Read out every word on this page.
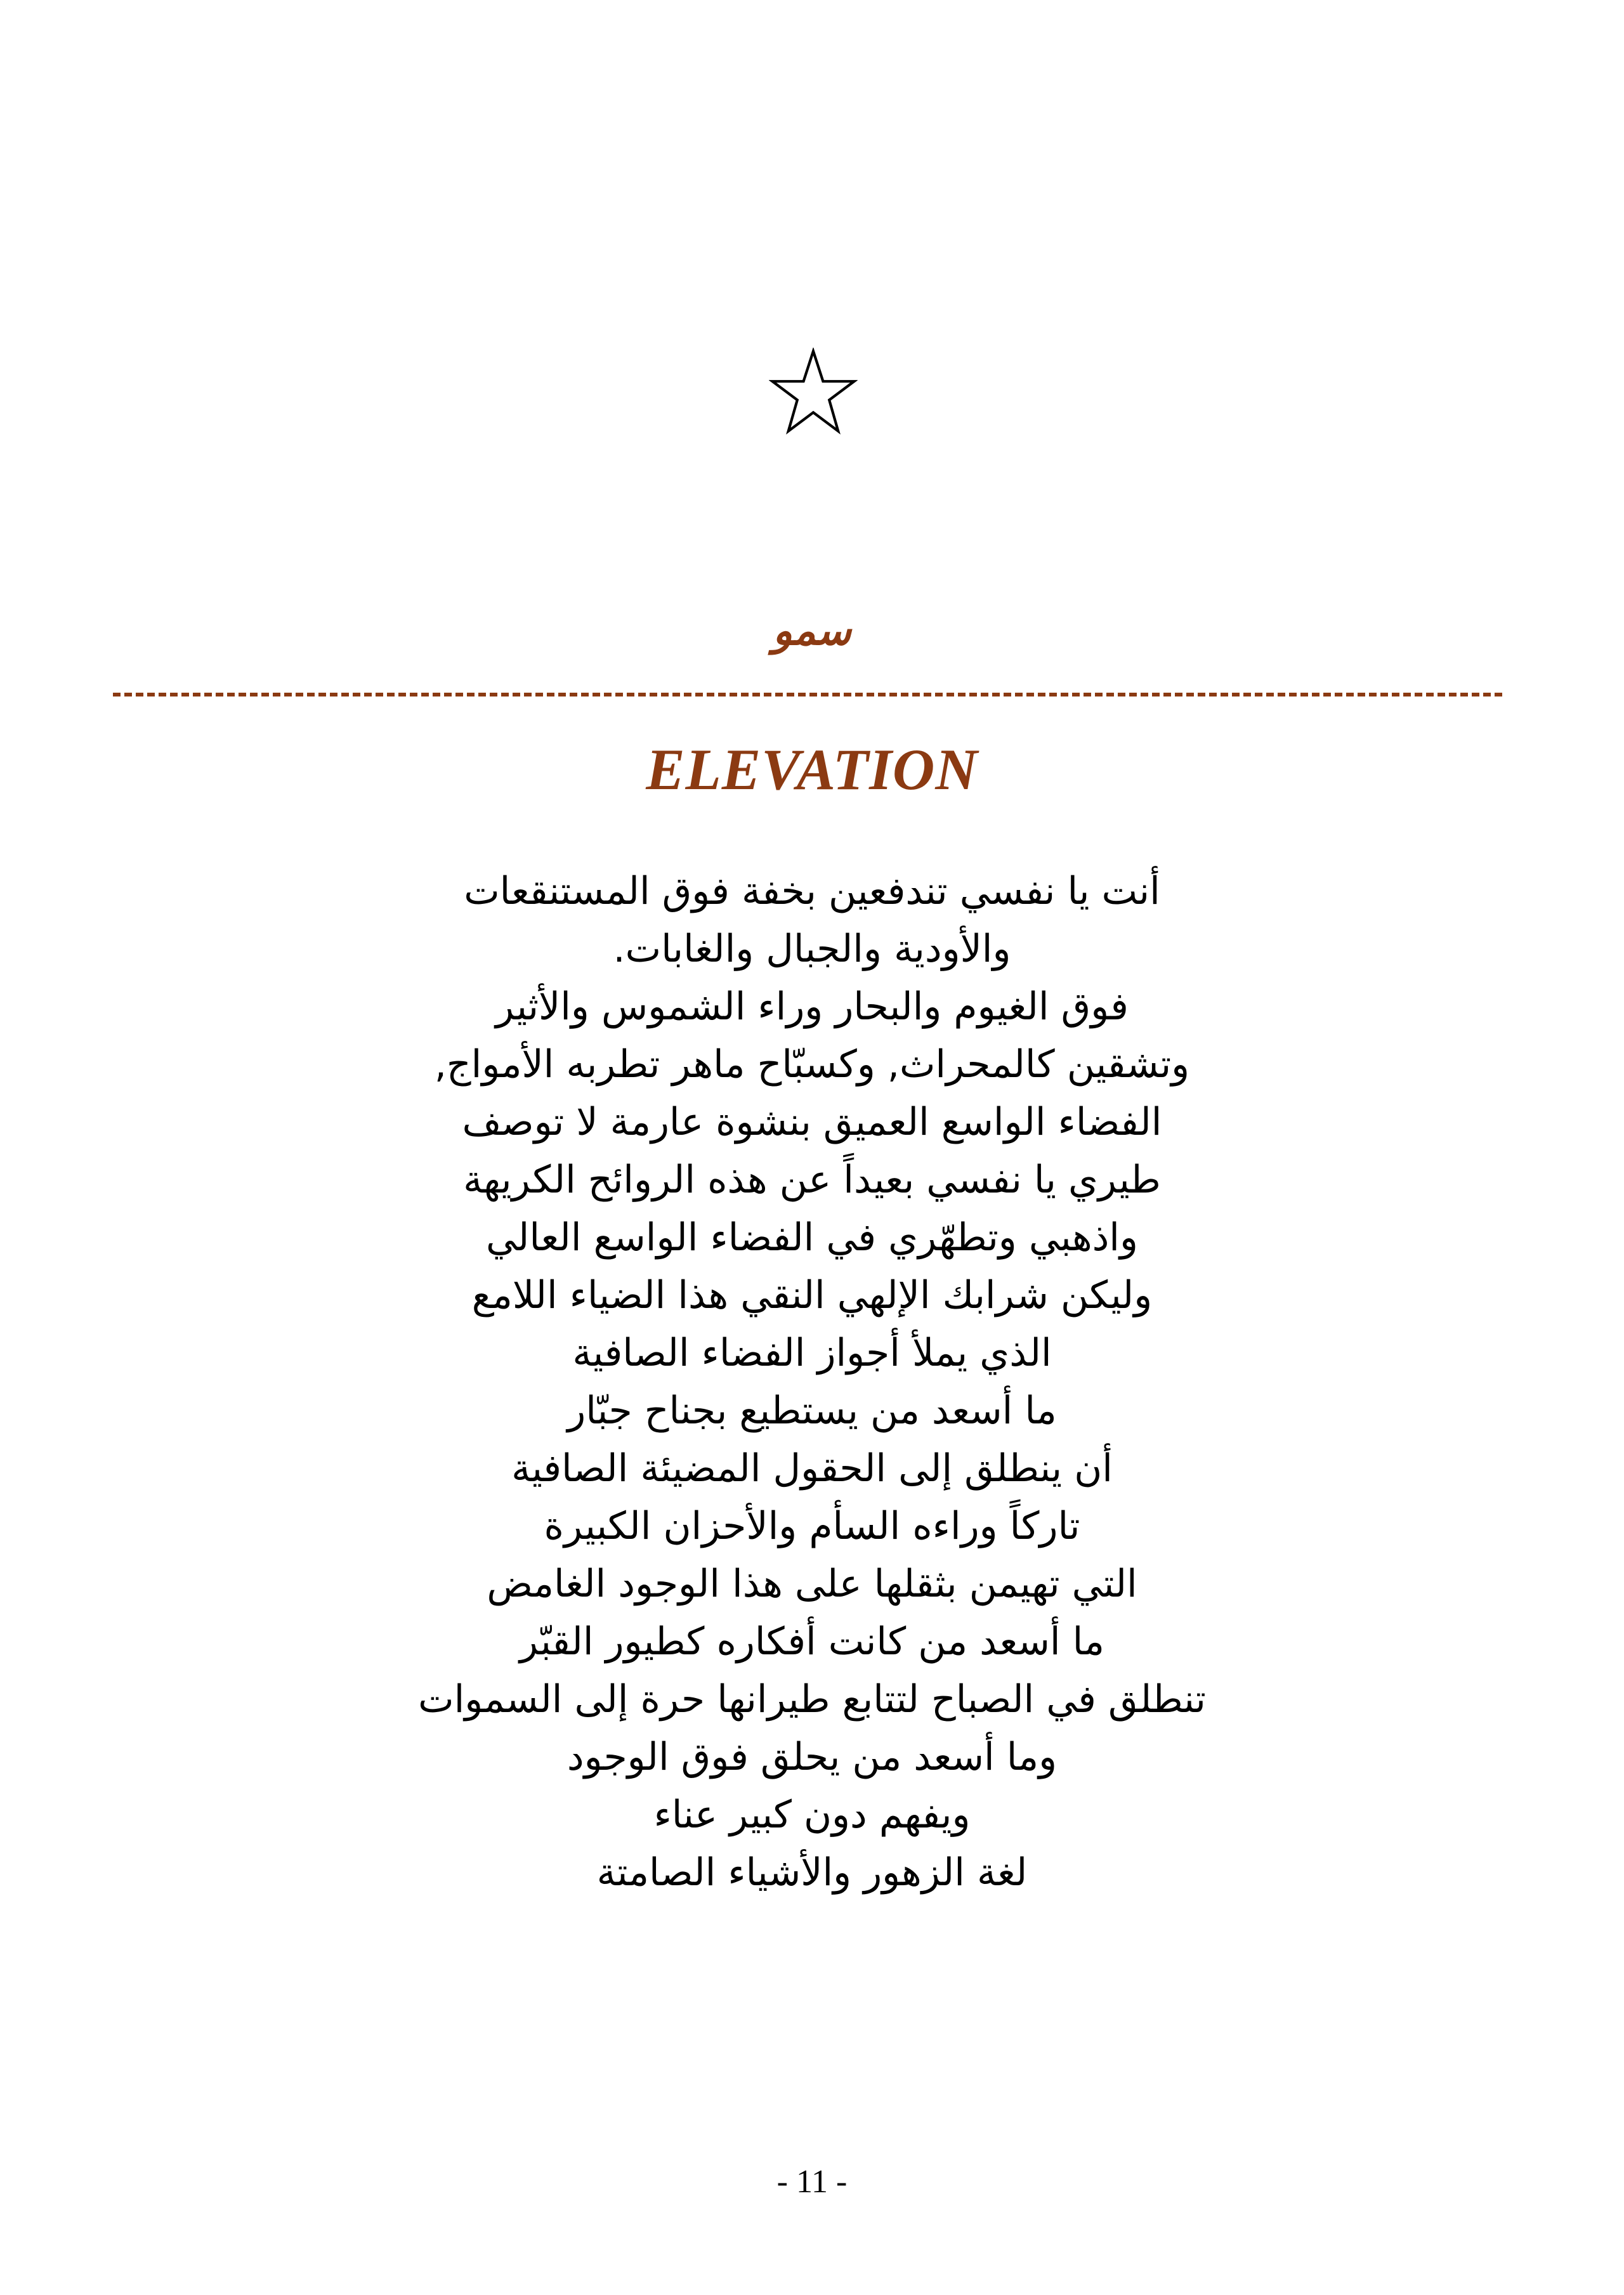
سمو
ELEVATION
أنت يا نفسي تندفعين بخفة فوق المستنقعات
والأودية والجبال والغابات.
فوق الغيوم والبحار وراء الشموس والأثير
وتشقين كالمحراث, وكسبّاح ماهر تطربه الأمواج,
الفضاء الواسع العميق بنشوة عارمة لا توصف
طيري يا نفسي بعيداً عن هذه الروائح الكريهة
واذهبي وتطهّري في الفضاء الواسع العالي
وليكن شرابك الإلهي النقي هذا الضياء اللامع
الذي يملأ أجواز الفضاء الصافية
ما أسعد من يستطيع بجناح جبّار
أن ينطلق إلى الحقول المضيئة الصافية
تاركاً وراءه السأم والأحزان الكبيرة
التي تهيمن بثقلها على هذا الوجود الغامض
ما أسعد من كانت أفكاره كطيور القبّر
تنطلق في الصباح لتتابع طيرانها حرة إلى السموات
وما أسعد من يحلق فوق الوجود
ويفهم دون كبير عناء
لغة الزهور والأشياء الصامتة
- 11 -
